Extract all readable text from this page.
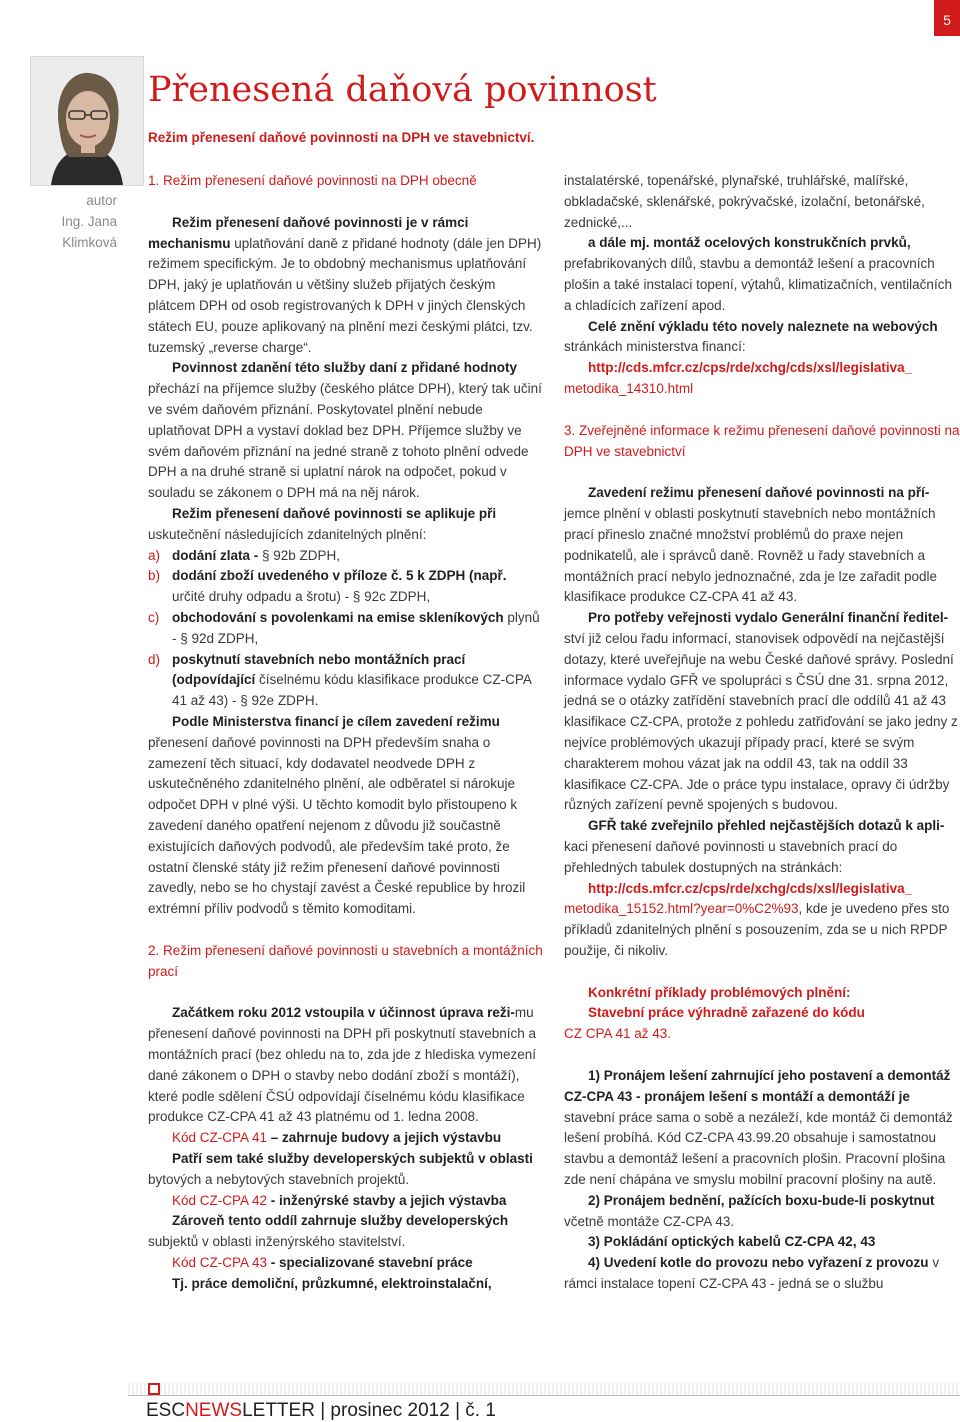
5
autor
Ing. Jana
Klimková
Přenesená daňová povinnost
Režim přenesení daňové povinnosti na DPH ve stavebnictví.

1. Režim přenesení daňové povinnosti na DPH obecně

Režim přenesení daňové povinnosti je v rámci mechanismu uplatňování daně z přidané hodnoty (dále jen DPH) režimem specifickým. Je to obdobný mechanismus uplatňování DPH, jaký je uplatňován u většiny služeb přijatých českým plátcem DPH od osob registrovaných k DPH v jiných členských státech EU, pouze aplikovaný na plnění mezi českými plátci, tzv. tuzemský „reverse charge“.

Povinnost zdanění této služby daní z přidané hodnoty přechází na příjemce služby (českého plátce DPH), který tak učiní ve svém daňovém přiznání. Poskytovatel plnění nebude uplatňovat DPH a vystaví doklad bez DPH. Příjemce služby ve svém daňovém přiznání na jedné straně z tohoto plnění odvede DPH a na druhé straně si uplatní nárok na odpočet, pokud v souladu se zákonem o DPH má na něj nárok.

Režim přenesení daňové povinnosti se aplikuje při uskutečnění následujících zdanitelných plnění:

a) dodání zlata - § 92b ZDPH,
b) dodání zboží uvedeného v příloze č. 5 k ZDPH (např. určité druhy odpadu a šrotu) - § 92c ZDPH,
c) obchodování s povolenkami na emise skleníkových plynů - § 92d ZDPH,
d) poskytnutí stavebních nebo montážních prací (odpovídající číselnému kódu klasifikace produkce CZ-CPA 41 až 43) - § 92e ZDPH.

Podle Ministerstva financí je cílem zavedení režimu přenesení daňové povinnosti na DPH především snaha o zamezení těch situací, kdy dodavatel neodvede DPH z uskutečněného zdanitelného plnění, ale odběratel si nárokuje odpočet DPH v plné výši. U těchto komodit bylo přistoupeno k zavedení daného opatření nejenom z důvodu již součastně existujících daňových podvodů, ale především také proto, že ostatní členské státy již režim přenesení daňové povinnosti zavedly, nebo se ho chystají zavést a České republice by hrozil extrémní příliv podvodů s těmito komoditami.

2. Režim přenesení daňové povinnosti u stavebních a montážních prací

Začátkem roku 2012 vstoupila v účinnost úprava reži-mu přenesení daňové povinnosti na DPH při poskytnutí stavebních a montážních prací (bez ohledu na to, zda jde z hlediska vymezení dané zákonem o DPH o stavby nebo dodání zboží s montáží), které podle sdělení ČSÚ odpovídají číselnému kódu klasifikace produkce CZ-CPA 41 až 43 platnému od 1. ledna 2008.

Kód CZ-CPA 41 – zahrnuje budovy a jejich výstavbu

Patří sem také služby developerských subjektů v oblasti bytových a nebytových stavebních projektů.

Kód CZ-CPA 42 - inženýrské stavby a jejich výstavba

Zároveň tento oddíl zahrnuje služby developerských subjektů v oblasti inženýrského stavitelství.

Kód CZ-CPA 43 - specializované stavební práce

Tj. práce demoliční, průzkumné, elektroinstalační,

instalatérské, topenářské, plynařské, truhlářské, malířské, obkladačské, sklenářské, pokrývačské, izolační, betonářské, zednické,...

a dále mj. montáž ocelových konstrukčních prvků, prefabrikovaných dílů, stavbu a demontáž lešení a pracovních plošin a také instalaci topení, výtahů, klimatizačních, ventilačních a chladících zařízení apod.

Celé znění výkladu této novely naleznete na webových stránkách ministerstva financí:

http://cds.mfcr.cz/cps/rde/xchg/cds/xsl/legislativa_

metodika_14310.html

3. Zveřejněné informace k režimu přenesení daňové povinnosti na DPH ve stavebnictví

Zavedení režimu přenesení daňové povinnosti na pří-jemce plnění v oblasti poskytnutí stavebních nebo montážních prací přineslo značné množství problémů do praxe nejen podnikatelů, ale i správců daně. Rovněž u řady stavebních a montážních prací nebylo jednoznačné, zda je lze zařadit podle klasifikace produkce CZ-CPA 41 až 43.

Pro potřeby veřejnosti vydalo Generální finanční ředitel-ství již celou řadu informací, stanovisek odpovědí na nejčastější dotazy, které uveřejňuje na webu České daňové správy. Poslední informace vydalo GFŘ ve spolupráci s ČSÚ dne 31. srpna 2012, jedná se o otázky zatřídění stavebních prací dle oddílů 41 až 43 klasifikace CZ-CPA, protože z pohledu zatřiďování se jako jedny z nejvíce problémových ukazují případy prací, které se svým charakterem mohou vázat jak na oddíl 43, tak na oddíl 33 klasifikace CZ-CPA. Jde o práce typu instalace, opravy či údržby různých zařízení pevně spojených s budovou.

GFŘ také zveřejnilo přehled nejčastějších dotazů k apli-kaci přenesení daňové povinnosti u stavebních prací do přehledných tabulek dostupných na stránkách:

http://cds.mfcr.cz/cps/rde/xchg/cds/xsl/legislativa_

metodika_15152.html?year=0%C2%93, kde je uvedeno přes sto příkladů zdanitelných plnění s posouzením, zda se u nich RPDP použije, či nikoliv.

Konkrétní příklady problémových plnění:

Stavební práce výhradně zařazené do kódu

CZ CPA 41 až 43.

1) Pronájem lešení zahrnující jeho postavení a demontáž CZ-CPA 43 - pronájem lešení s montáží a demontáží je stavební práce sama o sobě a nezáleží, kde montáž či demontáž lešení probíhá. Kód CZ-CPA 43.99.20 obsahuje i samostatnou stavbu a demontáž lešení a pracovních plošin. Pracovní plošina zde není chápána ve smyslu mobilní pracovní plošiny na autě.

2) Pronájem bednění, pažících boxu-bude-li poskytnut včetně montáže CZ-CPA 43.

3) Pokládání optických kabelů CZ-CPA 42, 43

4) Uvedení kotle do provozu nebo vyřazení z provozu v rámci instalace topení CZ-CPA 43 - jedná se o službu

ESCNEWSLETTER | prosinec 2012 | č. 1
